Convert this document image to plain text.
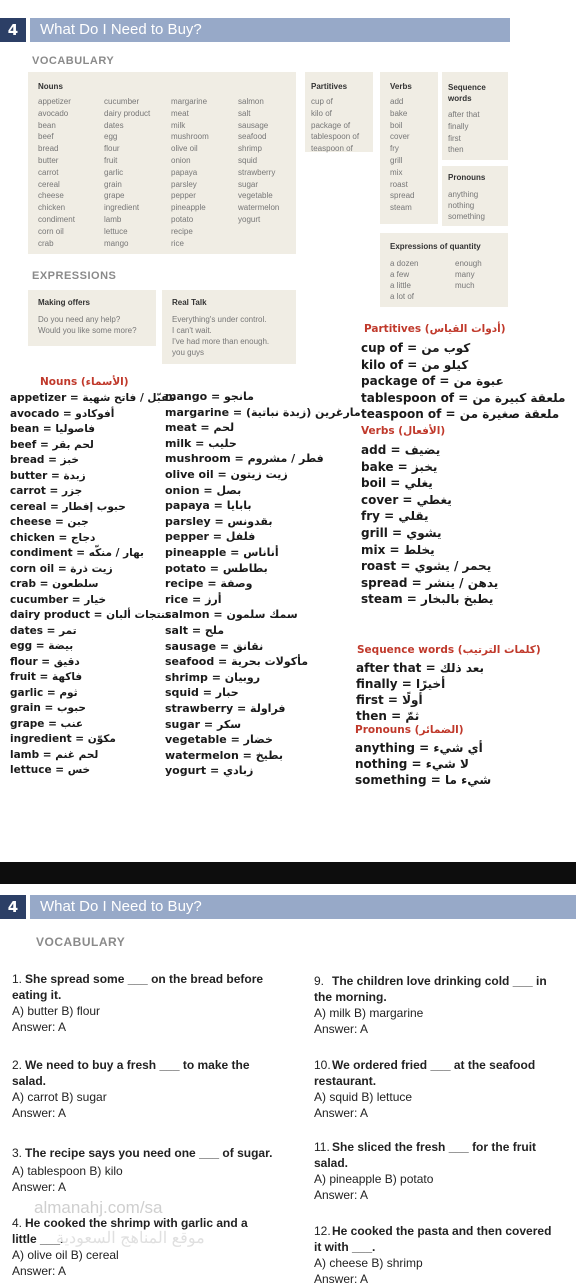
4	What Do I Need to Buy?
VOCABULARY
Nouns
appetizer
avocado
bean
beef
bread
butter
carrot
cereal
cheese
chicken
condiment
corn oil
crab
cucumber
dairy product
dates
egg
flour
fruit
garlic
grain
grape
ingredient
lamb
lettuce
mango
margarine
meat
milk
mushroom
olive oil
onion
papaya
parsley
pepper
pineapple
potato
recipe
rice
salmon
salt
sausage
seafood
shrimp
squid
strawberry
sugar
vegetable
watermelon
yogurt
Partitives
cup of
kilo of
package of
tablespoon of
teaspoon of
Verbs
add
bake
boil
cover
fry
grill
mix
roast
spread
steam
Sequence words
after that
finally
first
then
Pronouns
anything
nothing
something
Expressions of quantity
a dozen
a few
a little
a lot of
enough
many
much
EXPRESSIONS
Making offers
Do you need any help?
Would you like some more?
Real Talk
Everything's under control.
I can't wait.
I've had more than enough.
you guys
Nouns (الأسماء)
appetizer = مقبّل / فاتح شهية
avocado = أفوكادو
bean = فاصوليا
beef = لحم بقر
bread = خبز
butter = زبدة
carrot = جزر
cereal = حبوب إفطار
cheese = جبن
chicken = دجاج
condiment = بهار / منكّه
corn oil = زيت ذرة
crab = سلطعون
cucumber = خيار
dairy product = منتجات ألبان
dates = تمر
egg = بيضة
flour = دقيق
fruit = فاكهة
garlic = ثوم
grain = حبوب
grape = عنب
ingredient = مكوّن
lamb = لحم غنم
lettuce = خس
mango = مانجو
margarine = مارغرين (زبدة نباتية)
meat = لحم
milk = حليب
mushroom = فطر / مشروم
olive oil = زيت زيتون
onion = بصل
papaya = بابايا
parsley = بقدونس
pepper = فلفل
pineapple = أناناس
potato = بطاطس
recipe = وصفة
rice = أرز
salmon = سمك سلمون
salt = ملح
sausage = نقانق
seafood = مأكولات بحرية
shrimp = روبيان
squid = حبار
strawberry = فراولة
sugar = سكر
vegetable = خضار
watermelon = بطيخ
yogurt = زبادي
Partitives (أدوات القياس)
cup of = كوب من
kilo of = كيلو من
package of = عبوة من
tablespoon of = ملعقة كبيرة من
teaspoon of = ملعقة صغيرة من
Verbs (الأفعال)
add = يضيف
bake = يخبز
boil = يغلي
cover = يغطي
fry = يقلي
grill = يشوي
mix = يخلط
roast = يحمر / يشوي
spread = يدهن / ينشر
steam = يطبخ بالبخار
Sequence words (كلمات الترتيب)
after that = بعد ذلك
finally = أخيرًا
first = أولًا
then = ثمّ
Pronouns (الضمائر)
anything = أي شيء
nothing = لا شيء
something = شيء ما
4	What Do I Need to Buy?
VOCABULARY
1. She spread some ___ on the bread before
eating it.
A) butter B) flour
Answer: A
2. We need to buy a fresh ___ to make the
salad.
A) carrot B) sugar
Answer: A
3. The recipe says you need one ___ of sugar.
A) tablespoon B) kilo
Answer: A
4. He cooked the shrimp with garlic and a
little ___.
A) olive oil B) cereal
Answer: A
9. The children love drinking cold ___ in
the morning.
A) milk B) margarine
Answer: A
10. We ordered fried ___ at the seafood
restaurant.
A) squid B) lettuce
Answer: A
11. She sliced the fresh ___ for the fruit
salad.
A) pineapple B) potato
Answer: A
12. He cooked the pasta and then covered
it with ___.
A) cheese B) shrimp
Answer: A
almanahj.com/sa
موقع المناهج السعودية
